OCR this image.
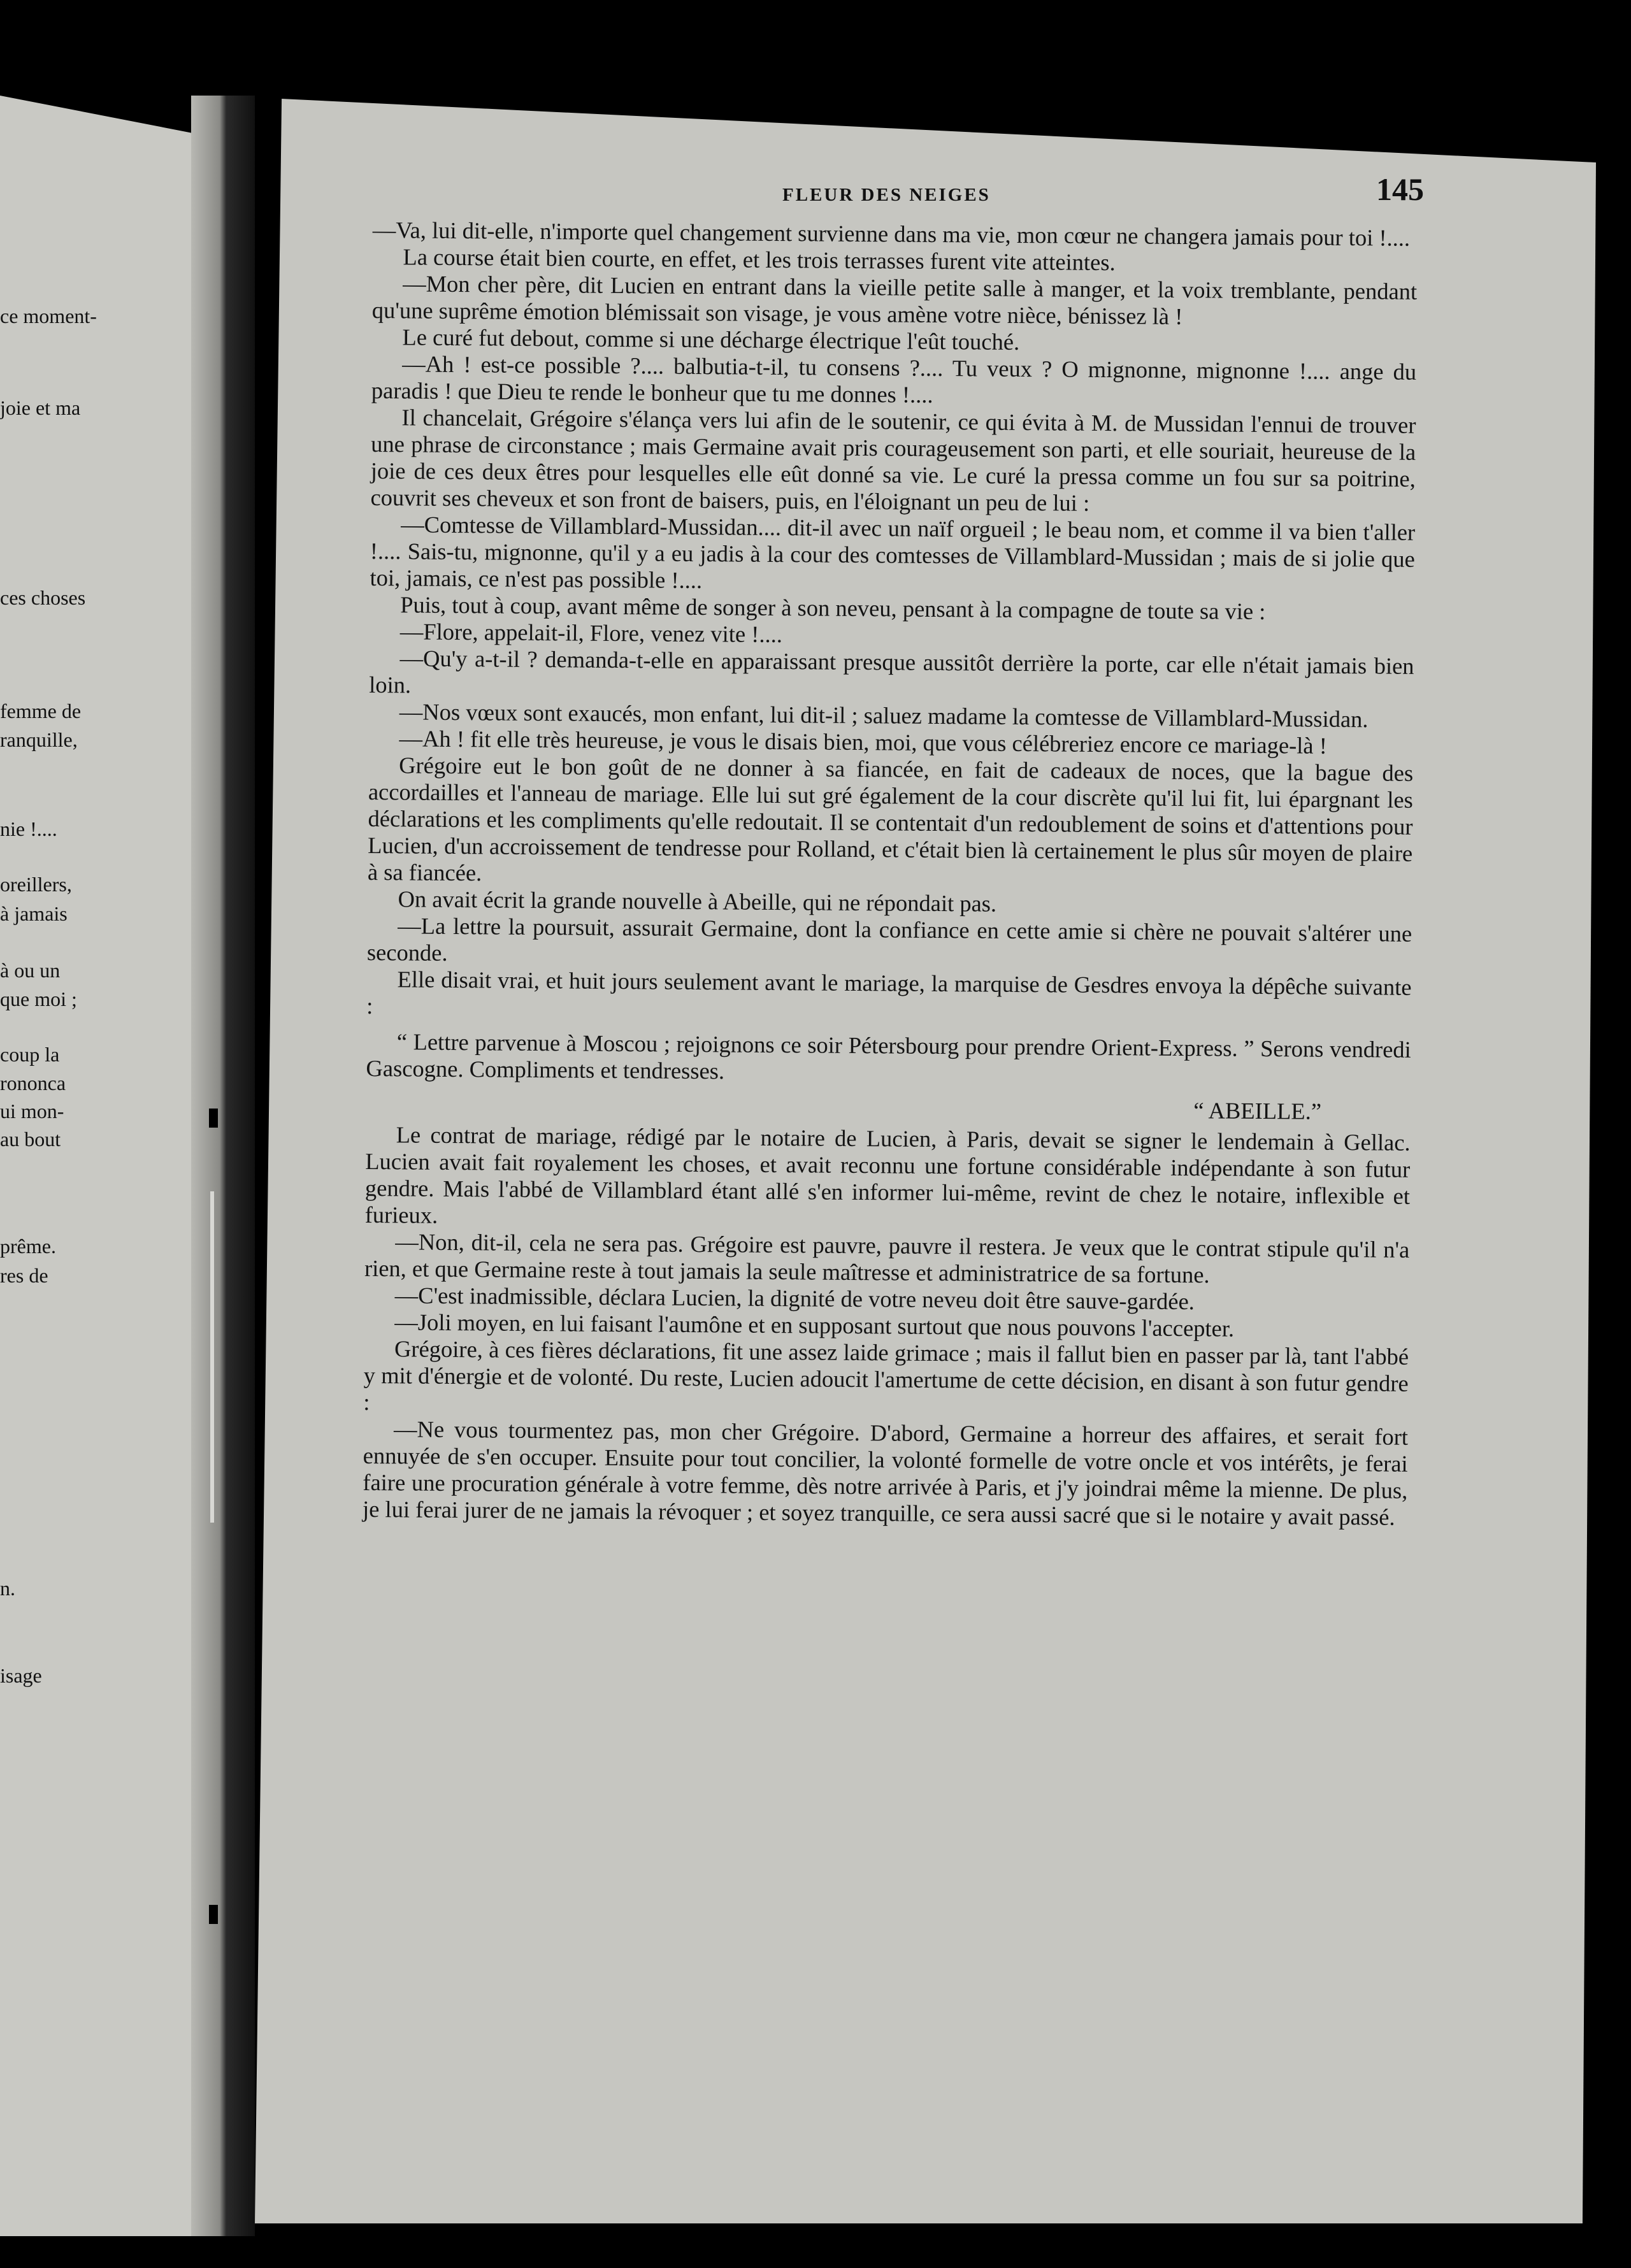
ce moment-
joie et ma
ces choses
femme de
ranquille,
nie !....
oreillers,
à jamais
à ou un
que moi ;
coup la
rononca
ui mon-
au bout
prême.
res de
n.
isage
FLEUR DES NEIGES	145

—Va, lui dit-elle, n'importe quel changement survienne dans ma vie, mon cœur ne changera jamais pour toi !....

La course était bien courte, en effet, et les trois terrasses furent vite atteintes.

—Mon cher père, dit Lucien en entrant dans la vieille petite salle à manger, et la voix tremblante, pendant qu'une suprême émotion blémissait son visage, je vous amène votre nièce, bénissez là !

Le curé fut debout, comme si une décharge électrique l'eût touché.

—Ah ! est-ce possible ?.... balbutia-t-il, tu consens ?.... Tu veux ? O mignonne, mignonne !.... ange du paradis ! que Dieu te rende le bonheur que tu me donnes !....

Il chancelait, Grégoire s'élança vers lui afin de le soutenir, ce qui évita à M. de Mussidan l'ennui de trouver une phrase de circonstance ; mais Germaine avait pris courageusement son parti, et elle souriait, heureuse de la joie de ces deux êtres pour lesquelles elle eût donné sa vie. Le curé la pressa comme un fou sur sa poitrine, couvrit ses cheveux et son front de baisers, puis, en l'éloignant un peu de lui :

—Comtesse de Villamblard-Mussidan.... dit-il avec un naïf orgueil ; le beau nom, et comme il va bien t'aller !.... Sais-tu, mignonne, qu'il y a eu jadis à la cour des comtesses de Villamblard-Mussidan ; mais de si jolie que toi, jamais, ce n'est pas possible !....

Puis, tout à coup, avant même de songer à son neveu, pensant à la compagne de toute sa vie :

—Flore, appelait-il, Flore, venez vite !....

—Qu'y a-t-il ? demanda-t-elle en apparaissant presque aussitôt derrière la porte, car elle n'était jamais bien loin.

—Nos vœux sont exaucés, mon enfant, lui dit-il ; saluez madame la comtesse de Villamblard-Mussidan.

—Ah ! fit elle très heureuse, je vous le disais bien, moi, que vous célébreriez encore ce mariage-là !

Grégoire eut le bon goût de ne donner à sa fiancée, en fait de cadeaux de noces, que la bague des accordailles et l'anneau de mariage. Elle lui sut gré également de la cour discrète qu'il lui fit, lui épargnant les déclarations et les compliments qu'elle redoutait. Il se contentait d'un redoublement de soins et d'attentions pour Lucien, d'un accroissement de tendresse pour Rolland, et c'était bien là certainement le plus sûr moyen de plaire à sa fiancée.

On avait écrit la grande nouvelle à Abeille, qui ne répondait pas.

—La lettre la poursuit, assurait Germaine, dont la confiance en cette amie si chère ne pouvait s'altérer une seconde.

Elle disait vrai, et huit jours seulement avant le mariage, la marquise de Gesdres envoya la dépêche suivante :

“ Lettre parvenue à Moscou ; rejoignons ce soir Pétersbourg pour prendre Orient-Express. ” Serons vendredi Gascogne. Compliments et tendresses.

“ ABEILLE.”

Le contrat de mariage, rédigé par le notaire de Lucien, à Paris, devait se signer le lendemain à Gellac. Lucien avait fait royalement les choses, et avait reconnu une fortune considérable indépendante à son futur gendre. Mais l'abbé de Villamblard étant allé s'en informer lui-même, revint de chez le notaire, inflexible et furieux.

—Non, dit-il, cela ne sera pas. Grégoire est pauvre, pauvre il restera. Je veux que le contrat stipule qu'il n'a rien, et que Germaine reste à tout jamais la seule maîtresse et administratrice de sa fortune.

—C'est inadmissible, déclara Lucien, la dignité de votre neveu doit être sauve-gardée.

—Joli moyen, en lui faisant l'aumône et en supposant surtout que nous pouvons l'accepter.

Grégoire, à ces fières déclarations, fit une assez laide grimace ; mais il fallut bien en passer par là, tant l'abbé y mit d'énergie et de volonté. Du reste, Lucien adoucit l'amertume de cette décision, en disant à son futur gendre :

—Ne vous tourmentez pas, mon cher Grégoire. D'abord, Germaine a horreur des affaires, et serait fort ennuyée de s'en occuper. Ensuite pour tout concilier, la volonté formelle de votre oncle et vos intérêts, je ferai faire une procuration générale à votre femme, dès notre arrivée à Paris, et j'y joindrai même la mienne. De plus, je lui ferai jurer de ne jamais la révoquer ; et soyez tranquille, ce sera aussi sacré que si le notaire y avait passé.
